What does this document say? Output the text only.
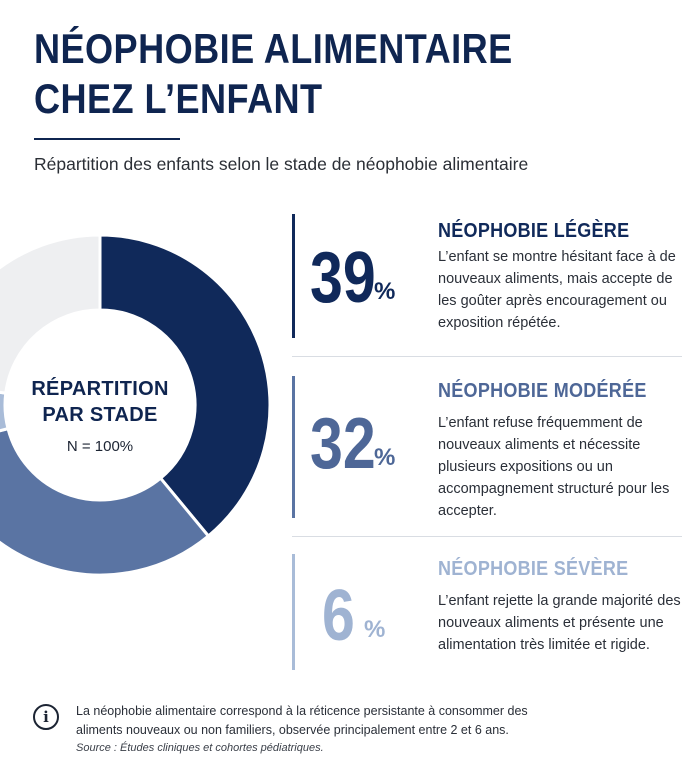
NÉOPHOBIE ALIMENTAIRE
CHEZ L’ENFANT
Répartition des enfants selon le stade de néophobie alimentaire
RÉPARTITION
PAR STADE
N = 100%
39
%
NÉOPHOBIE LÉGÈRE
L’enfant se montre hésitant face à de nouveaux aliments, mais accepte de les goûter après encouragement ou exposition répétée.
32
%
NÉOPHOBIE MODÉRÉE
L’enfant refuse fréquemment de nouveaux aliments et nécessite plusieurs expositions ou un accompagnement structuré pour les accepter.
6 %
NÉOPHOBIE SÉVÈRE
L’enfant rejette la grande majorité des nouveaux aliments et présente une alimentation très limitée et rigide.
i	La néophobie alimentaire correspond à la réticence persistante à consommer des aliments nouveaux ou non familiers, observée principalement entre 2 et 6 ans.
Source : Études cliniques et cohortes pédiatriques.
